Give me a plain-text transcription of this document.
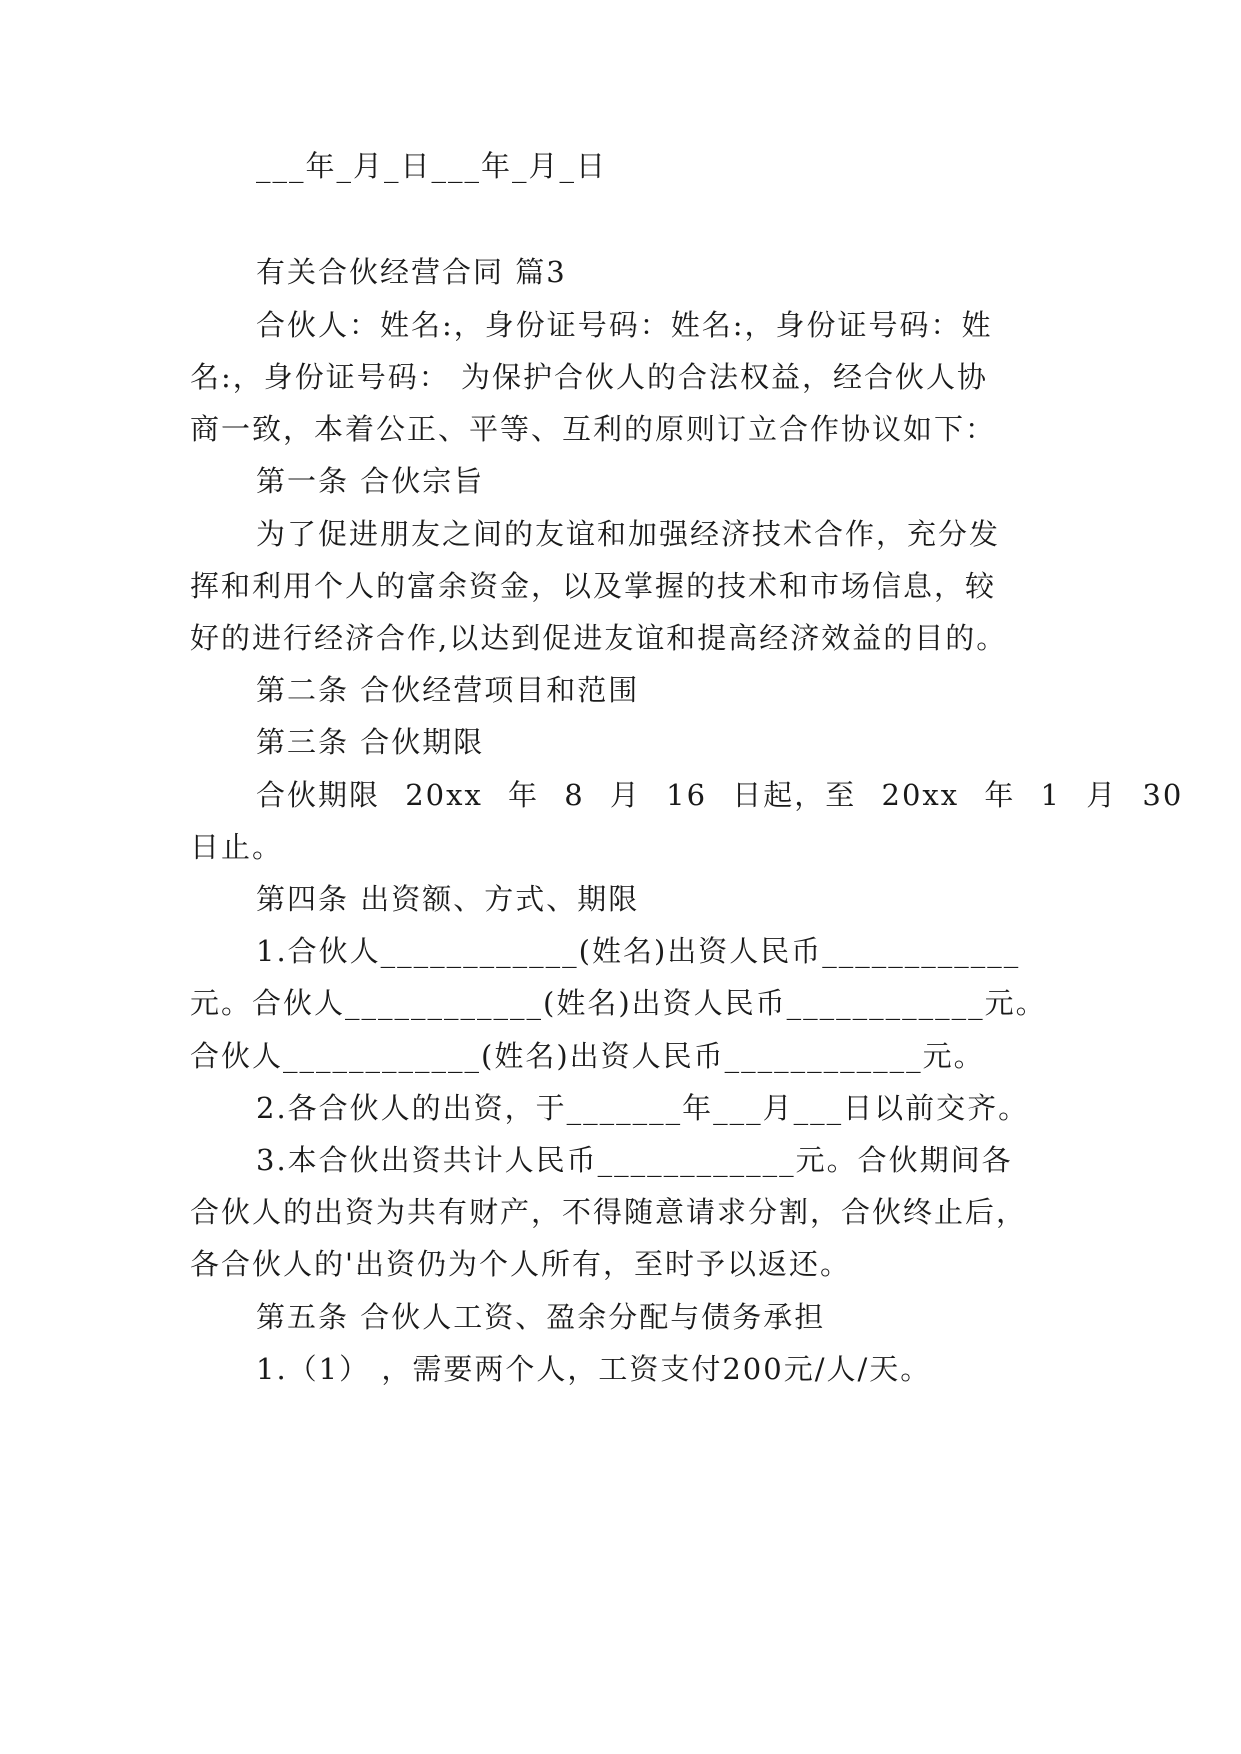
___年_月_日___年_月_日

有关合伙经营合同 篇3

合伙人：姓名:，身份证号码：姓名:，身份证号码：姓

名:，身份证号码： 为保护合伙人的合法权益，经合伙人协

商一致，本着公正、平等、互利的原则订立合作协议如下：

第一条 合伙宗旨

为了促进朋友之间的友谊和加强经济技术合作，充分发

挥和利用个人的富余资金，以及掌握的技术和市场信息，较

好的进行经济合作,以达到促进友谊和提高经济效益的目的。

第二条 合伙经营项目和范围

第三条 合伙期限

合伙期限 20xx 年 8 月 16 日起，至 20xx 年 1 月 30

日止。

第四条 出资额、方式、期限

1.合伙人____________(姓名)出资人民币____________

元。合伙人____________(姓名)出资人民币____________元。

合伙人____________(姓名)出资人民币____________元。

2.各合伙人的出资，于_______年___月___日以前交齐。

3.本合伙出资共计人民币____________元。合伙期间各

合伙人的出资为共有财产，不得随意请求分割，合伙终止后，

各合伙人的'出资仍为个人所有，至时予以返还。

第五条 合伙人工资、盈余分配与债务承担

1.（1） ，需要两个人，工资支付200元/人/天。
